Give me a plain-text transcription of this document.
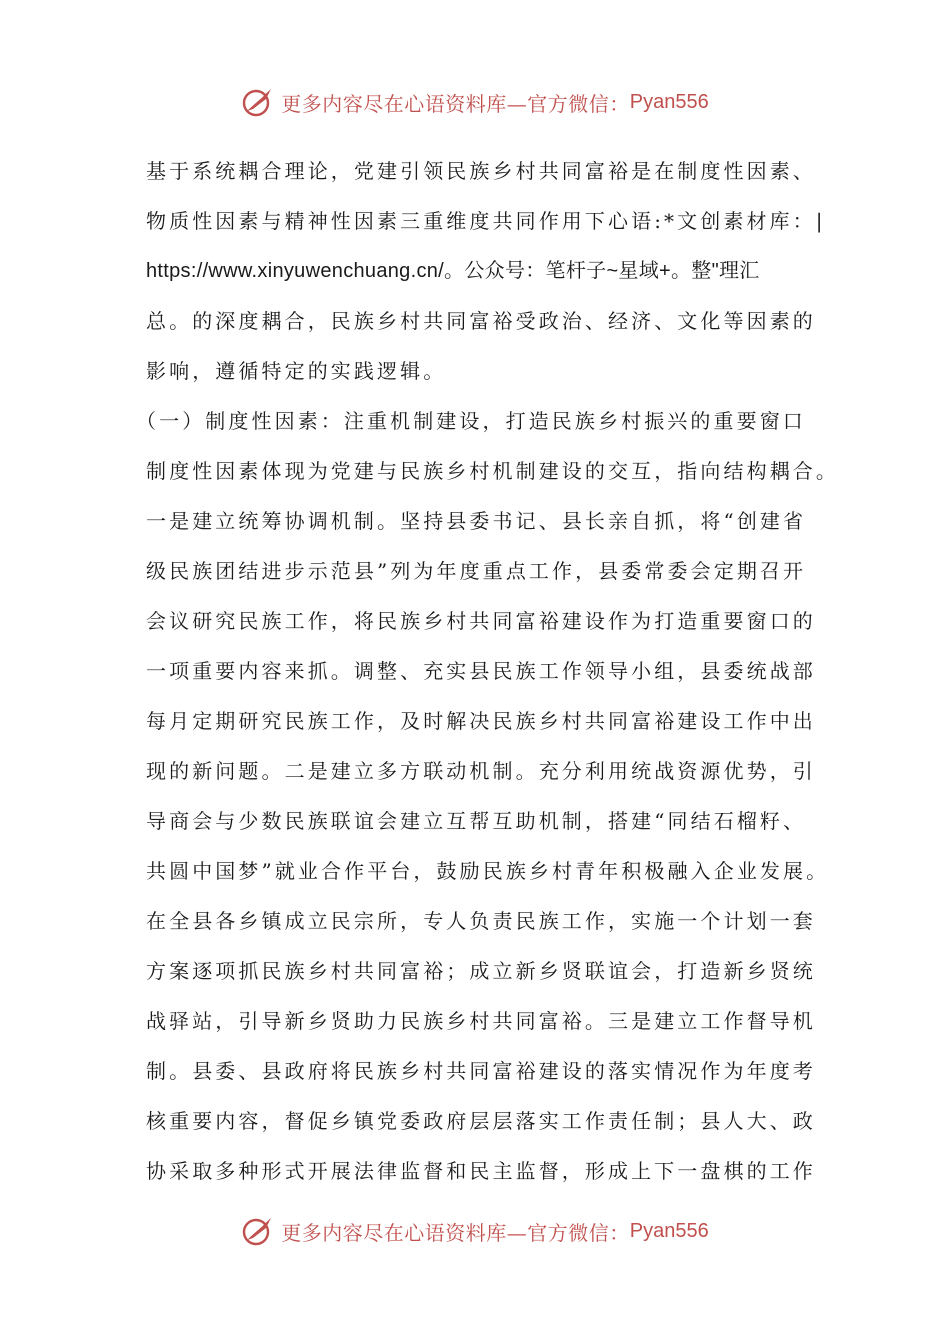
更多内容尽在心语资料库—官方微信： Pyan556
基于系统耦合理论，党建引领民族乡村共同富裕是在制度性因素、
物质性因素与精神性因素三重维度共同作用下心语:*文创素材库：|
https://www.xinyuwenchuang.cn/。公众号：笔杆子~星域+。整"理汇
总。的深度耦合，民族乡村共同富裕受政治、经济、文化等因素的
影响，遵循特定的实践逻辑。
（一）制度性因素：注重机制建设，打造民族乡村振兴的重要窗口
制度性因素体现为党建与民族乡村机制建设的交互，指向结构耦合。
一是建立统筹协调机制。坚持县委书记、县长亲自抓，将“创建省
级民族团结进步示范县”列为年度重点工作，县委常委会定期召开
会议研究民族工作，将民族乡村共同富裕建设作为打造重要窗口的
一项重要内容来抓。调整、充实县民族工作领导小组，县委统战部
每月定期研究民族工作，及时解决民族乡村共同富裕建设工作中出
现的新问题。二是建立多方联动机制。充分利用统战资源优势，引
导商会与少数民族联谊会建立互帮互助机制，搭建“同结石榴籽、
共圆中国梦”就业合作平台，鼓励民族乡村青年积极融入企业发展。
在全县各乡镇成立民宗所，专人负责民族工作，实施一个计划一套
方案逐项抓民族乡村共同富裕；成立新乡贤联谊会，打造新乡贤统
战驿站，引导新乡贤助力民族乡村共同富裕。三是建立工作督导机
制。县委、县政府将民族乡村共同富裕建设的落实情况作为年度考
核重要内容，督促乡镇党委政府层层落实工作责任制；县人大、政
协采取多种形式开展法律监督和民主监督，形成上下一盘棋的工作
更多内容尽在心语资料库—官方微信： Pyan556
